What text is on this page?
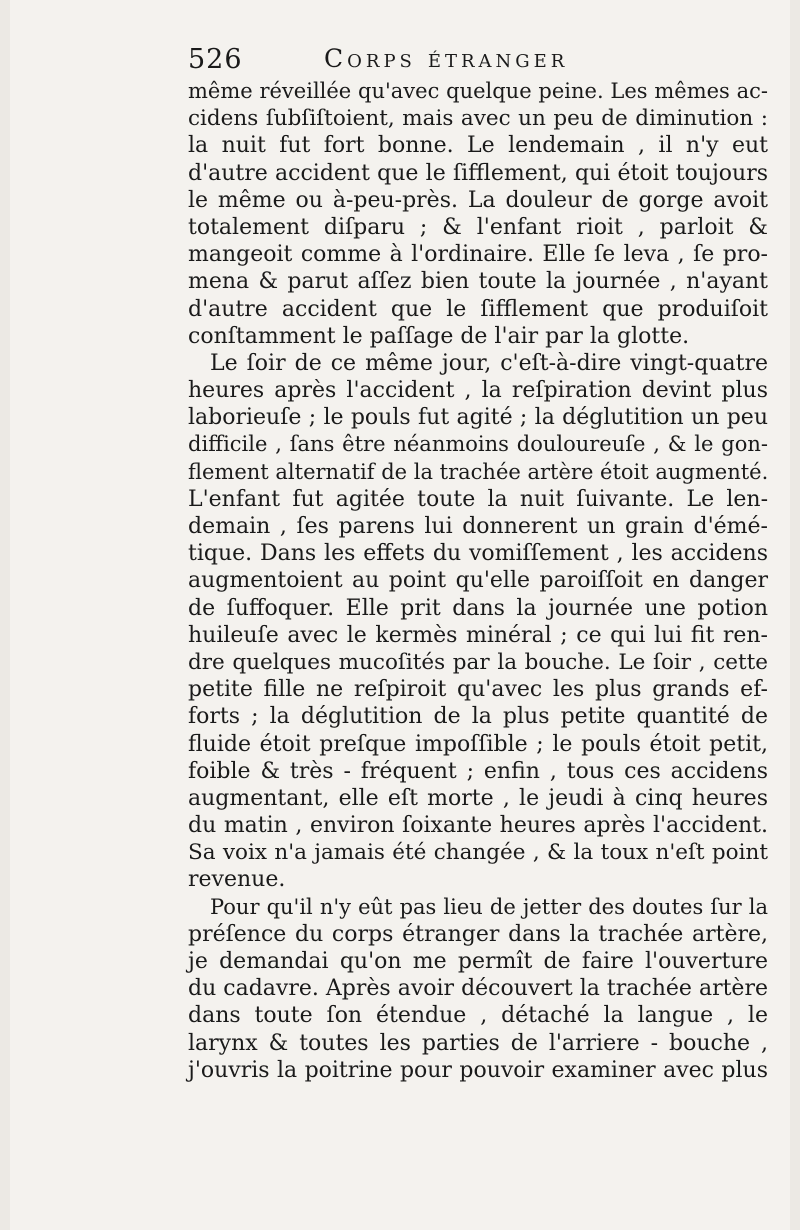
526	Corps étranger
même réveillée qu'avec quelque peine. Les mêmes ac-
cidens ſubſiſtoient, mais avec un peu de diminution :
la nuit fut fort bonne. Le lendemain , il n'y eut
d'autre accident que le ſifflement, qui étoit toujours
le même ou à-peu-près. La douleur de gorge avoit
totalement diſparu ; & l'enfant rioit , parloit &
mangeoit comme à l'ordinaire. Elle ſe leva , ſe pro-
mena & parut aſſez bien toute la journée , n'ayant
d'autre accident que le ſifflement que produiſoit
conſtamment le paſſage de l'air par la glotte.
Le ſoir de ce même jour, c'eſt-à-dire vingt-quatre
heures après l'accident , la reſpiration devint plus
laborieuſe ; le pouls fut agité ; la déglutition un peu
difficile , ſans être néanmoins douloureuſe , & le gon-
flement alternatif de la trachée artère étoit augmenté.
L'enfant fut agitée toute la nuit ſuivante. Le len-
demain , ſes parens lui donnerent un grain d'émé-
tique. Dans les effets du vomiſſement , les accidens
augmentoient au point qu'elle paroiſſoit en danger
de ſuffoquer. Elle prit dans la journée une potion
huileuſe avec le kermès minéral ; ce qui lui fit ren-
dre quelques mucoſités par la bouche. Le ſoir , cette
petite fille ne reſpiroit qu'avec les plus grands ef-
forts ; la déglutition de la plus petite quantité de
fluide étoit preſque impoſſible ; le pouls étoit petit,
foible & très - fréquent ; enfin , tous ces accidens
augmentant, elle eſt morte , le jeudi à cinq heures
du matin , environ ſoixante heures après l'accident.
Sa voix n'a jamais été changée , & la toux n'eſt point
revenue.
Pour qu'il n'y eût pas lieu de jetter des doutes ſur la
préſence du corps étranger dans la trachée artère,
je demandai qu'on me permît de faire l'ouverture
du cadavre. Après avoir découvert la trachée artère
dans toute ſon étendue , détaché la langue , le
larynx & toutes les parties de l'arriere - bouche ,
j'ouvris la poitrine pour pouvoir examiner avec plus
